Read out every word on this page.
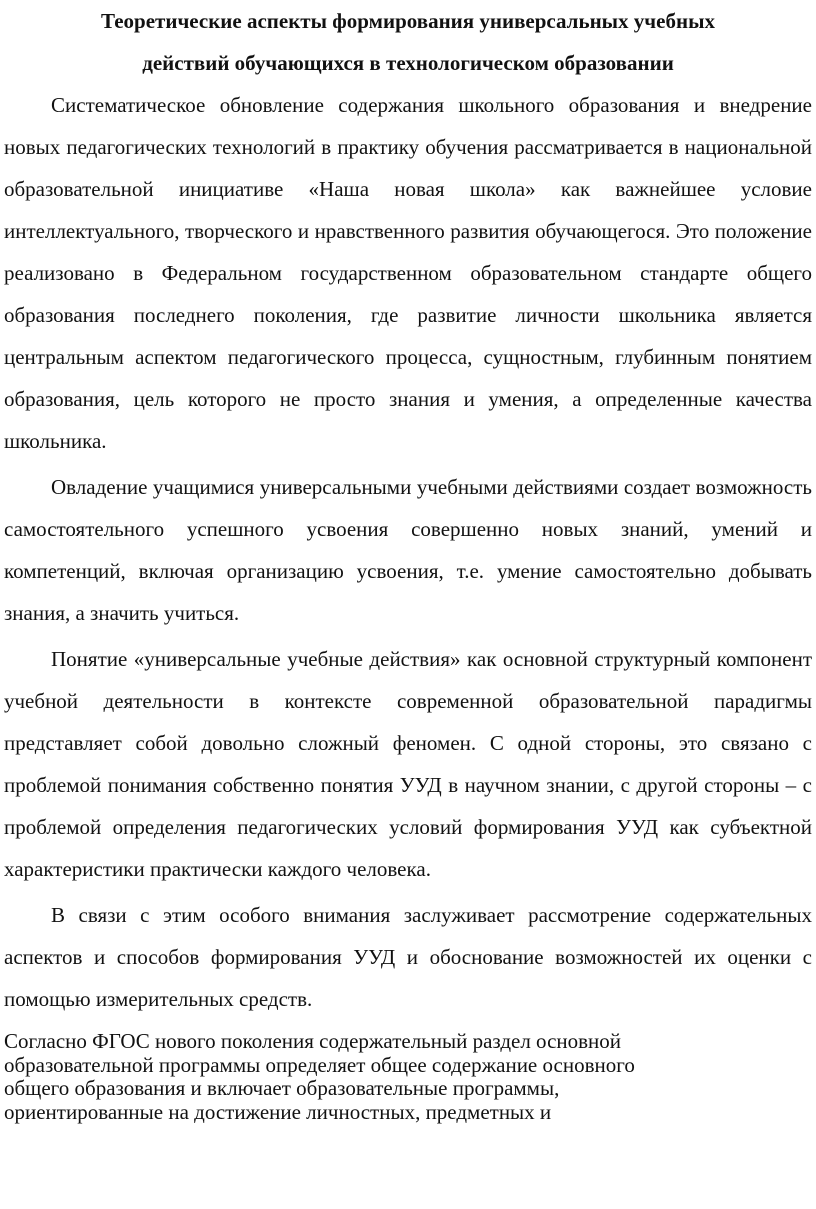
Теоретические аспекты формирования универсальных учебных
действий обучающихся в технологическом образовании

Систематическое обновление содержания школьного образования и внедрение новых педагогических технологий в практику обучения рассматривается в национальной образовательной инициативе «Наша новая школа» как важнейшее условие интеллектуального, творческого и нравственного развития обучающегося. Это положение реализовано в Федеральном государственном образовательном стандарте общего образования последнего поколения, где развитие личности школьника является центральным аспектом педагогического процесса, сущностным, глубинным понятием образования, цель которого не просто знания и умения, а определенные качества школьника.

Овладение учащимися универсальными учебными действиями создает возможность самостоятельного успешного усвоения совершенно новых знаний, умений и компетенций, включая организацию усвоения, т.е. умение самостоятельно добывать знания, а значить учиться.

Понятие «универсальные учебные действия» как основной структурный компонент учебной деятельности в контексте современной образовательной парадигмы представляет собой довольно сложный феномен. С одной стороны, это связано с проблемой понимания собственно понятия УУД в научном знании, с другой стороны – с проблемой определения педагогических условий формирования УУД как субъектной характеристики практически каждого человека.

В связи с этим особого внимания заслуживает рассмотрение содержательных аспектов и способов формирования УУД и обоснование возможностей их оценки с помощью измерительных средств.

Согласно ФГОС нового поколения содержательный раздел основной
образовательной программы определяет общее содержание основного
общего образования и включает образовательные программы,
ориентированные на достижение личностных, предметных и
